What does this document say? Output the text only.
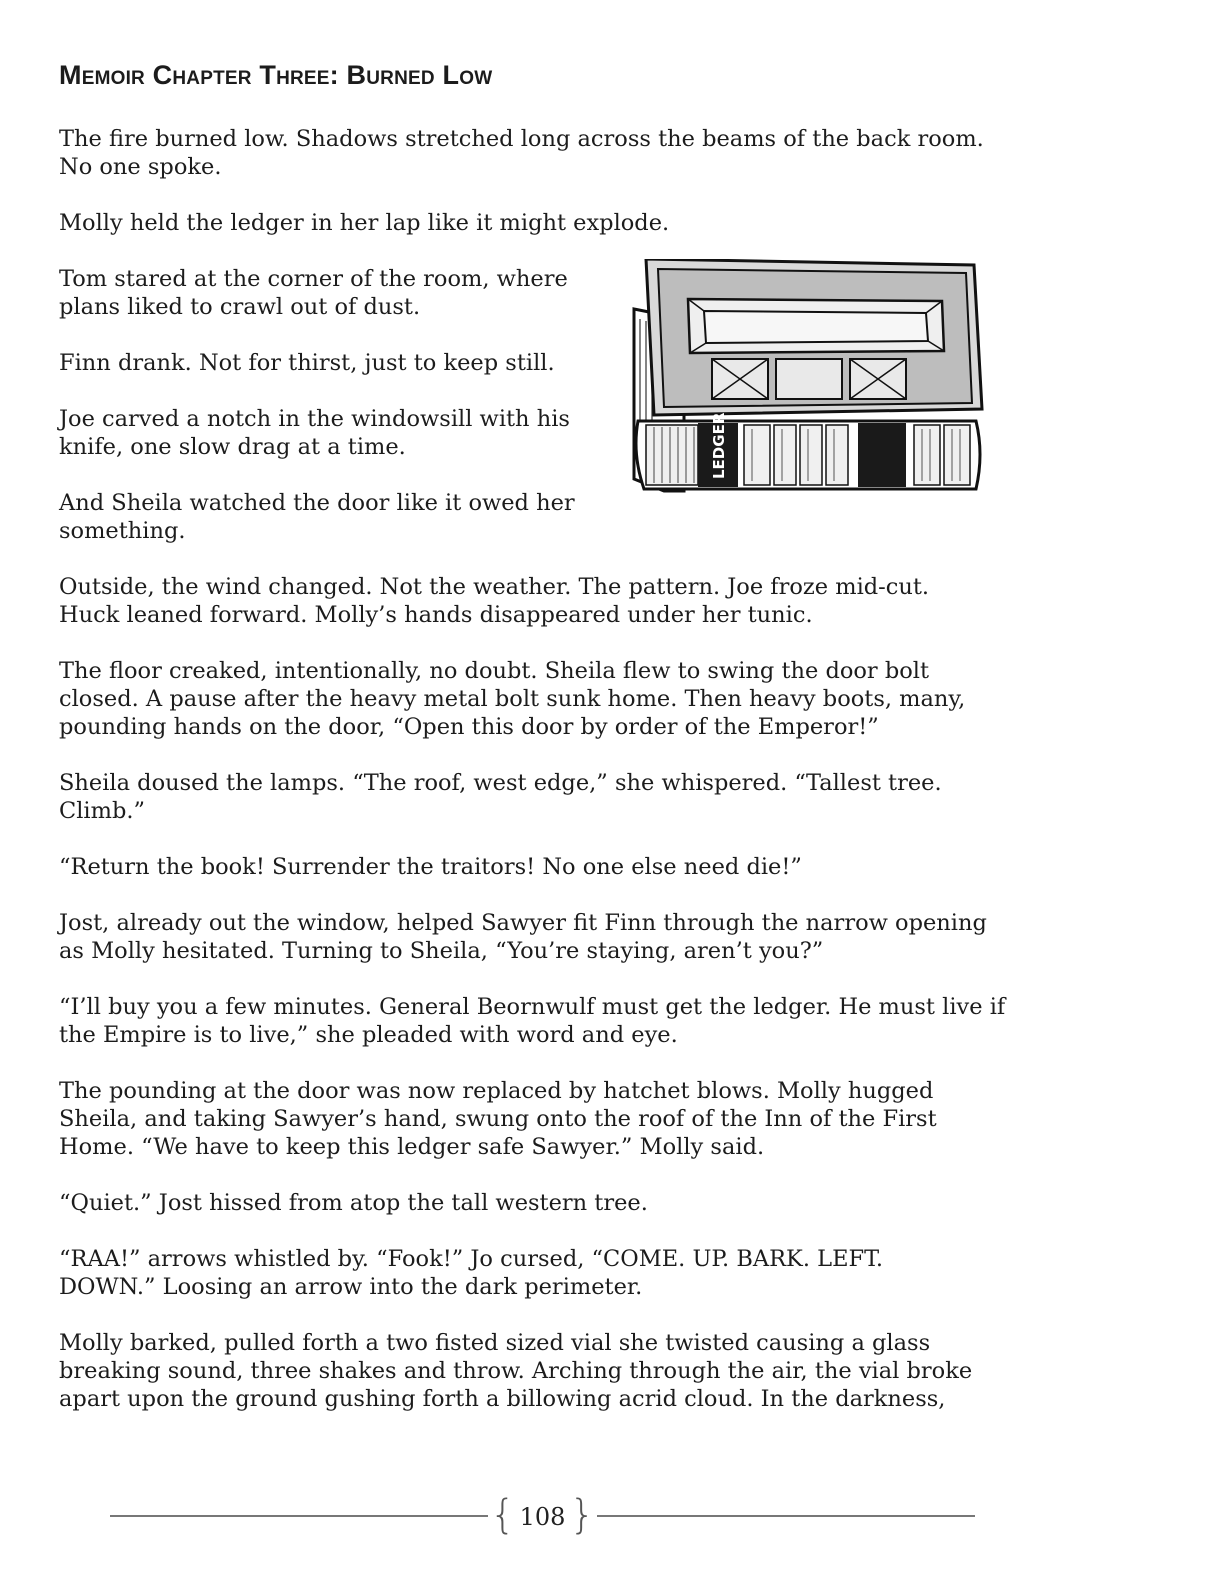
Memoir Chapter Three: Burned Low

The fire burned low. Shadows stretched long across the beams of the back room.
No one spoke.

Molly held the ledger in her lap like it might explode.

Tom stared at the corner of the room, where
plans liked to crawl out of dust.

Finn drank. Not for thirst, just to keep still.

Joe carved a notch in the windowsill with his
knife, one slow drag at a time.

And Sheila watched the door like it owed her
something.

LEDGER

Outside, the wind changed. Not the weather. The pattern. Joe froze mid-cut.
Huck leaned forward. Molly’s hands disappeared under her tunic.

The floor creaked, intentionally, no doubt. Sheila flew to swing the door bolt
closed. A pause after the heavy metal bolt sunk home. Then heavy boots, many,
pounding hands on the door, “Open this door by order of the Emperor!”

Sheila doused the lamps. “The roof, west edge,” she whispered. “Tallest tree.
Climb.”

“Return the book! Surrender the traitors! No one else need die!”

Jost, already out the window, helped Sawyer fit Finn through the narrow opening
as Molly hesitated. Turning to Sheila, “You’re staying, aren’t you?”

“I’ll buy you a few minutes. General Beornwulf must get the ledger. He must live if
the Empire is to live,” she pleaded with word and eye.

The pounding at the door was now replaced by hatchet blows. Molly hugged
Sheila, and taking Sawyer’s hand, swung onto the roof of the Inn of the First
Home. “We have to keep this ledger safe Sawyer.” Molly said.

“Quiet.” Jost hissed from atop the tall western tree.

“RAA!” arrows whistled by. “Fook!” Jo cursed, “COME. UP. BARK. LEFT.
DOWN.” Loosing an arrow into the dark perimeter.

Molly barked, pulled forth a two fisted sized vial she twisted causing a glass
breaking sound, three shakes and throw. Arching through the air, the vial broke
apart upon the ground gushing forth a billowing acrid cloud. In the darkness,

{ 108 }
